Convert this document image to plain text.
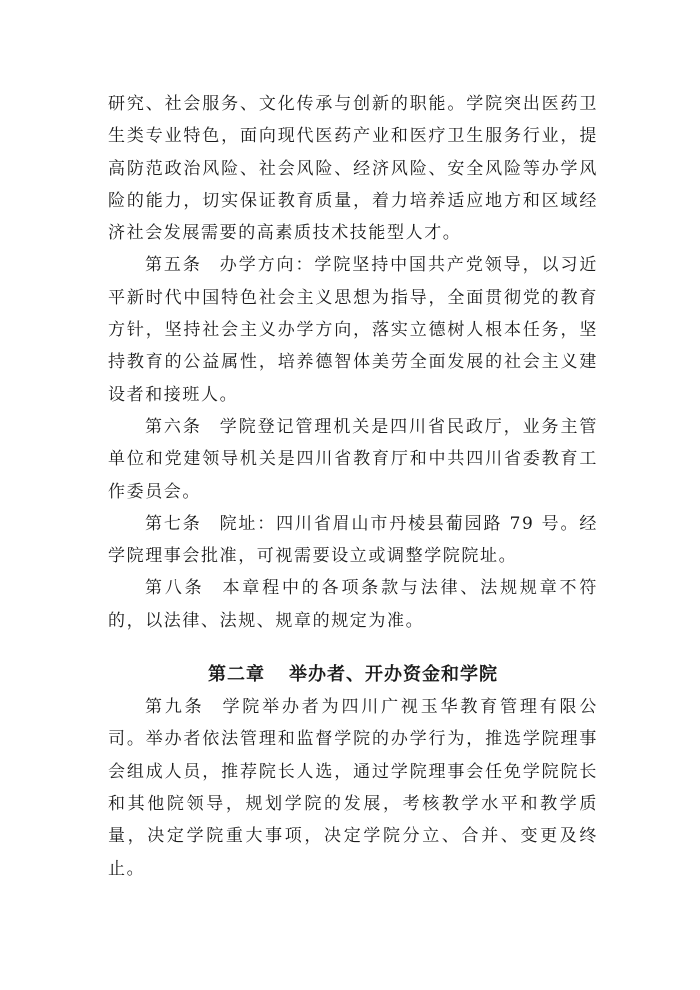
研究、社会服务、文化传承与创新的职能。学院突出医药卫生类专业特色，面向现代医药产业和医疗卫生服务行业，提高防范政治风险、社会风险、经济风险、安全风险等办学风险的能力，切实保证教育质量，着力培养适应地方和区域经济社会发展需要的高素质技术技能型人才。

第五条 办学方向：学院坚持中国共产党领导，以习近平新时代中国特色社会主义思想为指导，全面贯彻党的教育方针，坚持社会主义办学方向，落实立德树人根本任务，坚持教育的公益属性，培养德智体美劳全面发展的社会主义建设者和接班人。

第六条 学院登记管理机关是四川省民政厅，业务主管单位和党建领导机关是四川省教育厅和中共四川省委教育工作委员会。

第七条 院址：四川省眉山市丹棱县葡园路 79 号。经学院理事会批准，可视需要设立或调整学院院址。

第八条 本章程中的各项条款与法律、法规规章不符的，以法律、法规、规章的规定为准。

第二章 举办者、开办资金和学院

第九条 学院举办者为四川广视玉华教育管理有限公司。举办者依法管理和监督学院的办学行为，推选学院理事会组成人员，推荐院长人选，通过学院理事会任免学院院长和其他院领导，规划学院的发展，考核教学水平和教学质量，决定学院重大事项，决定学院分立、合并、变更及终止。
